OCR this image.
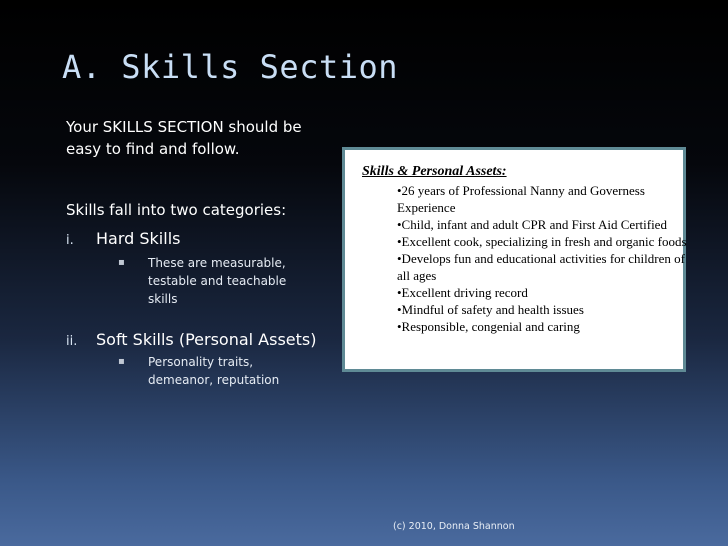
A. Skills Section
Your SKILLS SECTION should be easy to find and follow.
Skills fall into two categories:
i. Hard Skills
▪ These are measurable, testable and teachable skills
ii. Soft Skills (Personal Assets)
▪ Personality traits, demeanor, reputation
Skills & Personal Assets:
•26 years of Professional Nanny and Governess Experience
•Child, infant and adult CPR and First Aid Certified
•Excellent cook, specializing in fresh and organic foods
•Develops fun and educational activities for children of all ages
•Excellent driving record
•Mindful of safety and health issues
•Responsible, congenial and caring
(c) 2010, Donna Shannon
